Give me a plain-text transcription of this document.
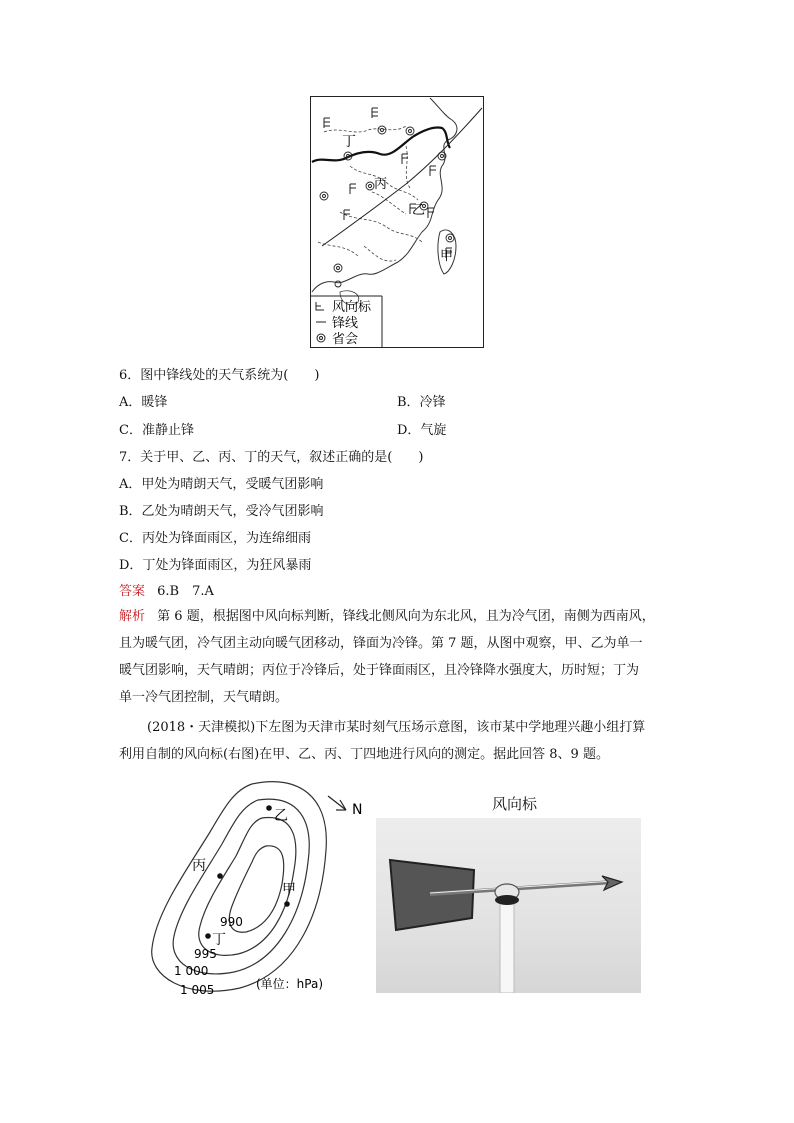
丁
丙
乙
甲
风向标
锋线
省会
6．图中锋线处的天气系统为(　　)
A．暖锋	B．冷锋
C．准静止锋	D．气旋
7．关于甲、乙、丙、丁的天气，叙述正确的是(　　)
A．甲处为晴朗天气，受暖气团影响
B．乙处为晴朗天气，受冷气团影响
C．丙处为锋面雨区，为连绵细雨
D．丁处为锋面雨区，为狂风暴雨
答案 6.B　7.A
解析 第 6 题，根据图中风向标判断，锋线北侧风向为东北风，且为冷气团，南侧为西南风，
且为暖气团，冷气团主动向暖气团移动，锋面为冷锋。第 7 题，从图中观察，甲、乙为单一
暖气团影响，天气晴朗；丙位于冷锋后，处于锋面雨区，且冷锋降水强度大，历时短；丁为
单一冷气团控制，天气晴朗。
(2018・天津模拟)下左图为天津市某时刻气压场示意图，该市某中学地理兴趣小组打算
利用自制的风向标(右图)在甲、乙、丙、丁四地进行风向的测定。据此回答 8、9 题。
乙
丙
甲
丁
990
995
1 000
1 005	(单位：hPa)
N	风向标
